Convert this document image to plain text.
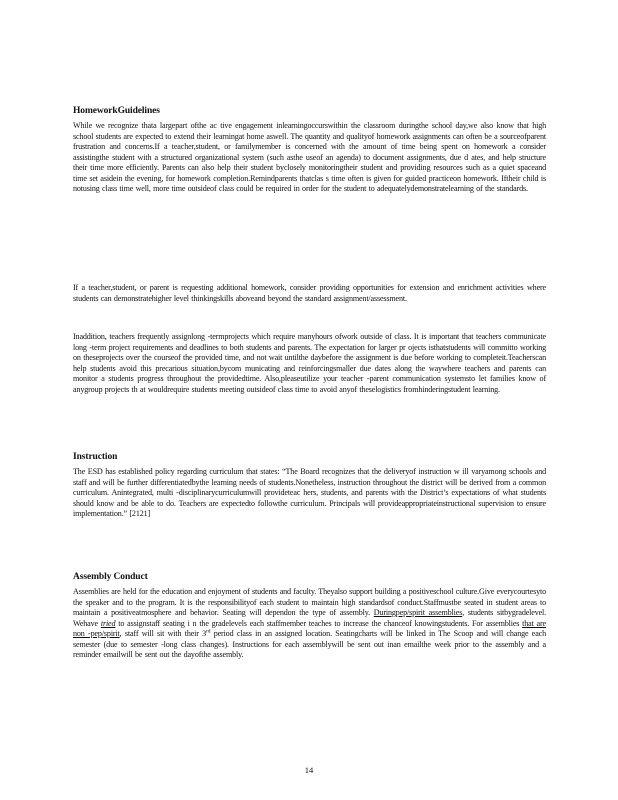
HomeworkGuidelines

While we recognize thata largepart ofthe ac tive engagement inlearningoccurswithin the classroom duringthe school day,we also know that high school students are expected to extend their learningat home aswell. The quantity and qualityof homework assignments can often be a sourceofparent frustration and concerns.If a teacher,student, or familymember is concerned with the amount of time being spent on homework a consider assistingthe student with a structured organizational system (such asthe useof an agenda) to document assignments, due d ates, and help structure their time more efficiently. Parents can also help their student byclosely monitoringtheir student and providing resources such as a quiet spaceand time set asidein the evening, for homework completion.Remindparents thatclas s time often is given for guided practiceon homework. Iftheir child is notusing class time well, more time outsideof class could be required in order for the student to adequatelydemonstratelearning of the standards.

If a teacher,student, or parent is requesting additional homework, consider providing opportunities for extension and enrichment activities where students can demonstratehigher level thinkingskills aboveand beyond the standard assignment/assessment.

Inaddition, teachers frequently assignlong -termprojects which require manyhours ofwork outside of class. It is important that teachers communicate long -term project requirements and deadlines to both students and parents. The expectation for larger pr ojects isthatstudents will committo working on theseprojects over the courseof the provided time, and not wait untilthe daybefore the assignment is due before working to completeit.Teacherscan help students avoid this precarious situation,bycom municating and reinforcingsmaller due dates along the waywhere teachers and parents can monitor a students progress throughout the providedtime. Also,pleaseutilize your teacher -parent communication systemsto let families know of anygroup projects th at wouldrequire students meeting outsideof class time to avoid anyof theselogistics fromhinderingstudent learning.

Instruction

The ESD has established policy regarding curriculum that states: “The Board recognizes that the deliveryof instruction w ill varyamong schools and staff and will be further differentiatedbythe learning needs of students.Nonetheless, instruction throughout the district will be derived from a common curriculum. Anintegrated, multi -disciplinarycurriculumwill provideteac hers, students, and parents with the District’s expectations of what students should know and be able to do. Teachers are expectedto followthe curriculum. Principals will provideappropriateinstructional supervision to ensure implementation.” [2121]

Assembly Conduct

Assemblies are held for the education and enjoyment of students and faculty. Theyalso support building a positiveschool culture.Give everycourtesyto the speaker and to the program. It is the responsibilityof each student to maintain high standardsof conduct.Staffmustbe seated in student areas to maintain a positiveatmosphere and behavior. Seating will dependon the type of assembly. Duringpep/spirit assemblies, students sitbygradelevel. Wehave tried to assignstaff seating i n the gradelevels each staffmember teaches to increase the chanceof knowingstudents. For assemblies that are non -pep/spirit, staff will sit with their 3rd period class in an assigned location. Seatingcharts will be linked in The Scoop and will change each semester (due to semester -long class changes). Instructions for each assemblywill be sent out inan emailthe week prior to the assembly and a reminder emailwill be sent out the dayofthe assembly.

14
